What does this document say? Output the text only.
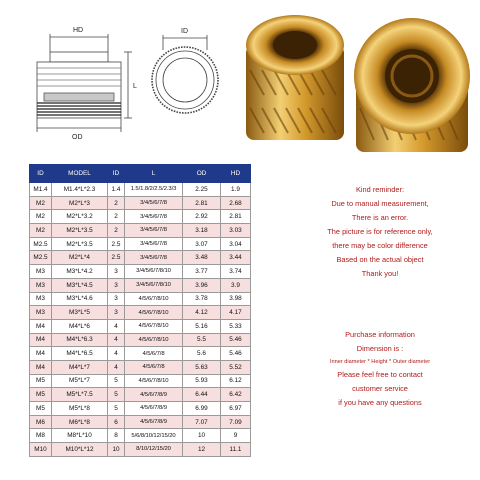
HD
L
OD
ID
ID	MODEL	ID	L	OD	HD
M1.4	M1.4*L*2.3	1.4	1.5/1.8/2/2.5/2.3/3	2.25	1.9
M2	M2*L*3	2	3/4/5/6/7/8	2.81	2.68
M2	M2*L*3.2	2	3/4/5/6/7/8	2.92	2.81
M2	M2*L*3.5	2	3/4/5/6/7/8	3.18	3.03
M2.5	M2*L*3.5	2.5	3/4/5/6/7/8	3.07	3.04
M2.5	M2*L*4	2.5	3/4/5/6/7/8	3.48	3.44
M3	M3*L*4.2	3	3/4/5/6/7/8/10	3.77	3.74
M3	M3*L*4.5	3	3/4/5/6/7/8/10	3.96	3.9
M3	M3*L*4.6	3	4/5/6/7/8/10	3.78	3.98
M3	M3*L*5	3	4/5/6/7/8/10	4.12	4.17
M4	M4*L*6	4	4/5/6/7/8/10	5.16	5.33
M4	M4*L*6.3	4	4/5/6/7/8/10	5.5	5.46
M4	M4*L*6.5	4	4/5/6/7/8	5.6	5.46
M4	M4*L*7	4	4/5/6/7/8	5.63	5.52
M5	M5*L*7	5	4/5/6/7/8/10	5.93	6.12
M5	M5*L*7.5	5	4/5/6/7/8/9	6.44	6.42
M5	M5*L*8	5	4/5/6/7/8/9	6.99	6.97
M6	M6*L*8	6	4/5/6/7/8/9	7.07	7.09
M8	M8*L*10	8	5/6/8/10/12/15/20	10	9
M10	M10*L*12	10	8/10/12/15/20	12	11.1
Kind reminder:
Due to manual measurement,
There is an error.
The picture is for reference only,
there may be color difference
Based on the actual object
Thank you!
Purchase information
Dimension is :
Inner diameter * Height * Outer diameter
Please feel free to contact
customer service
if you have any questions
